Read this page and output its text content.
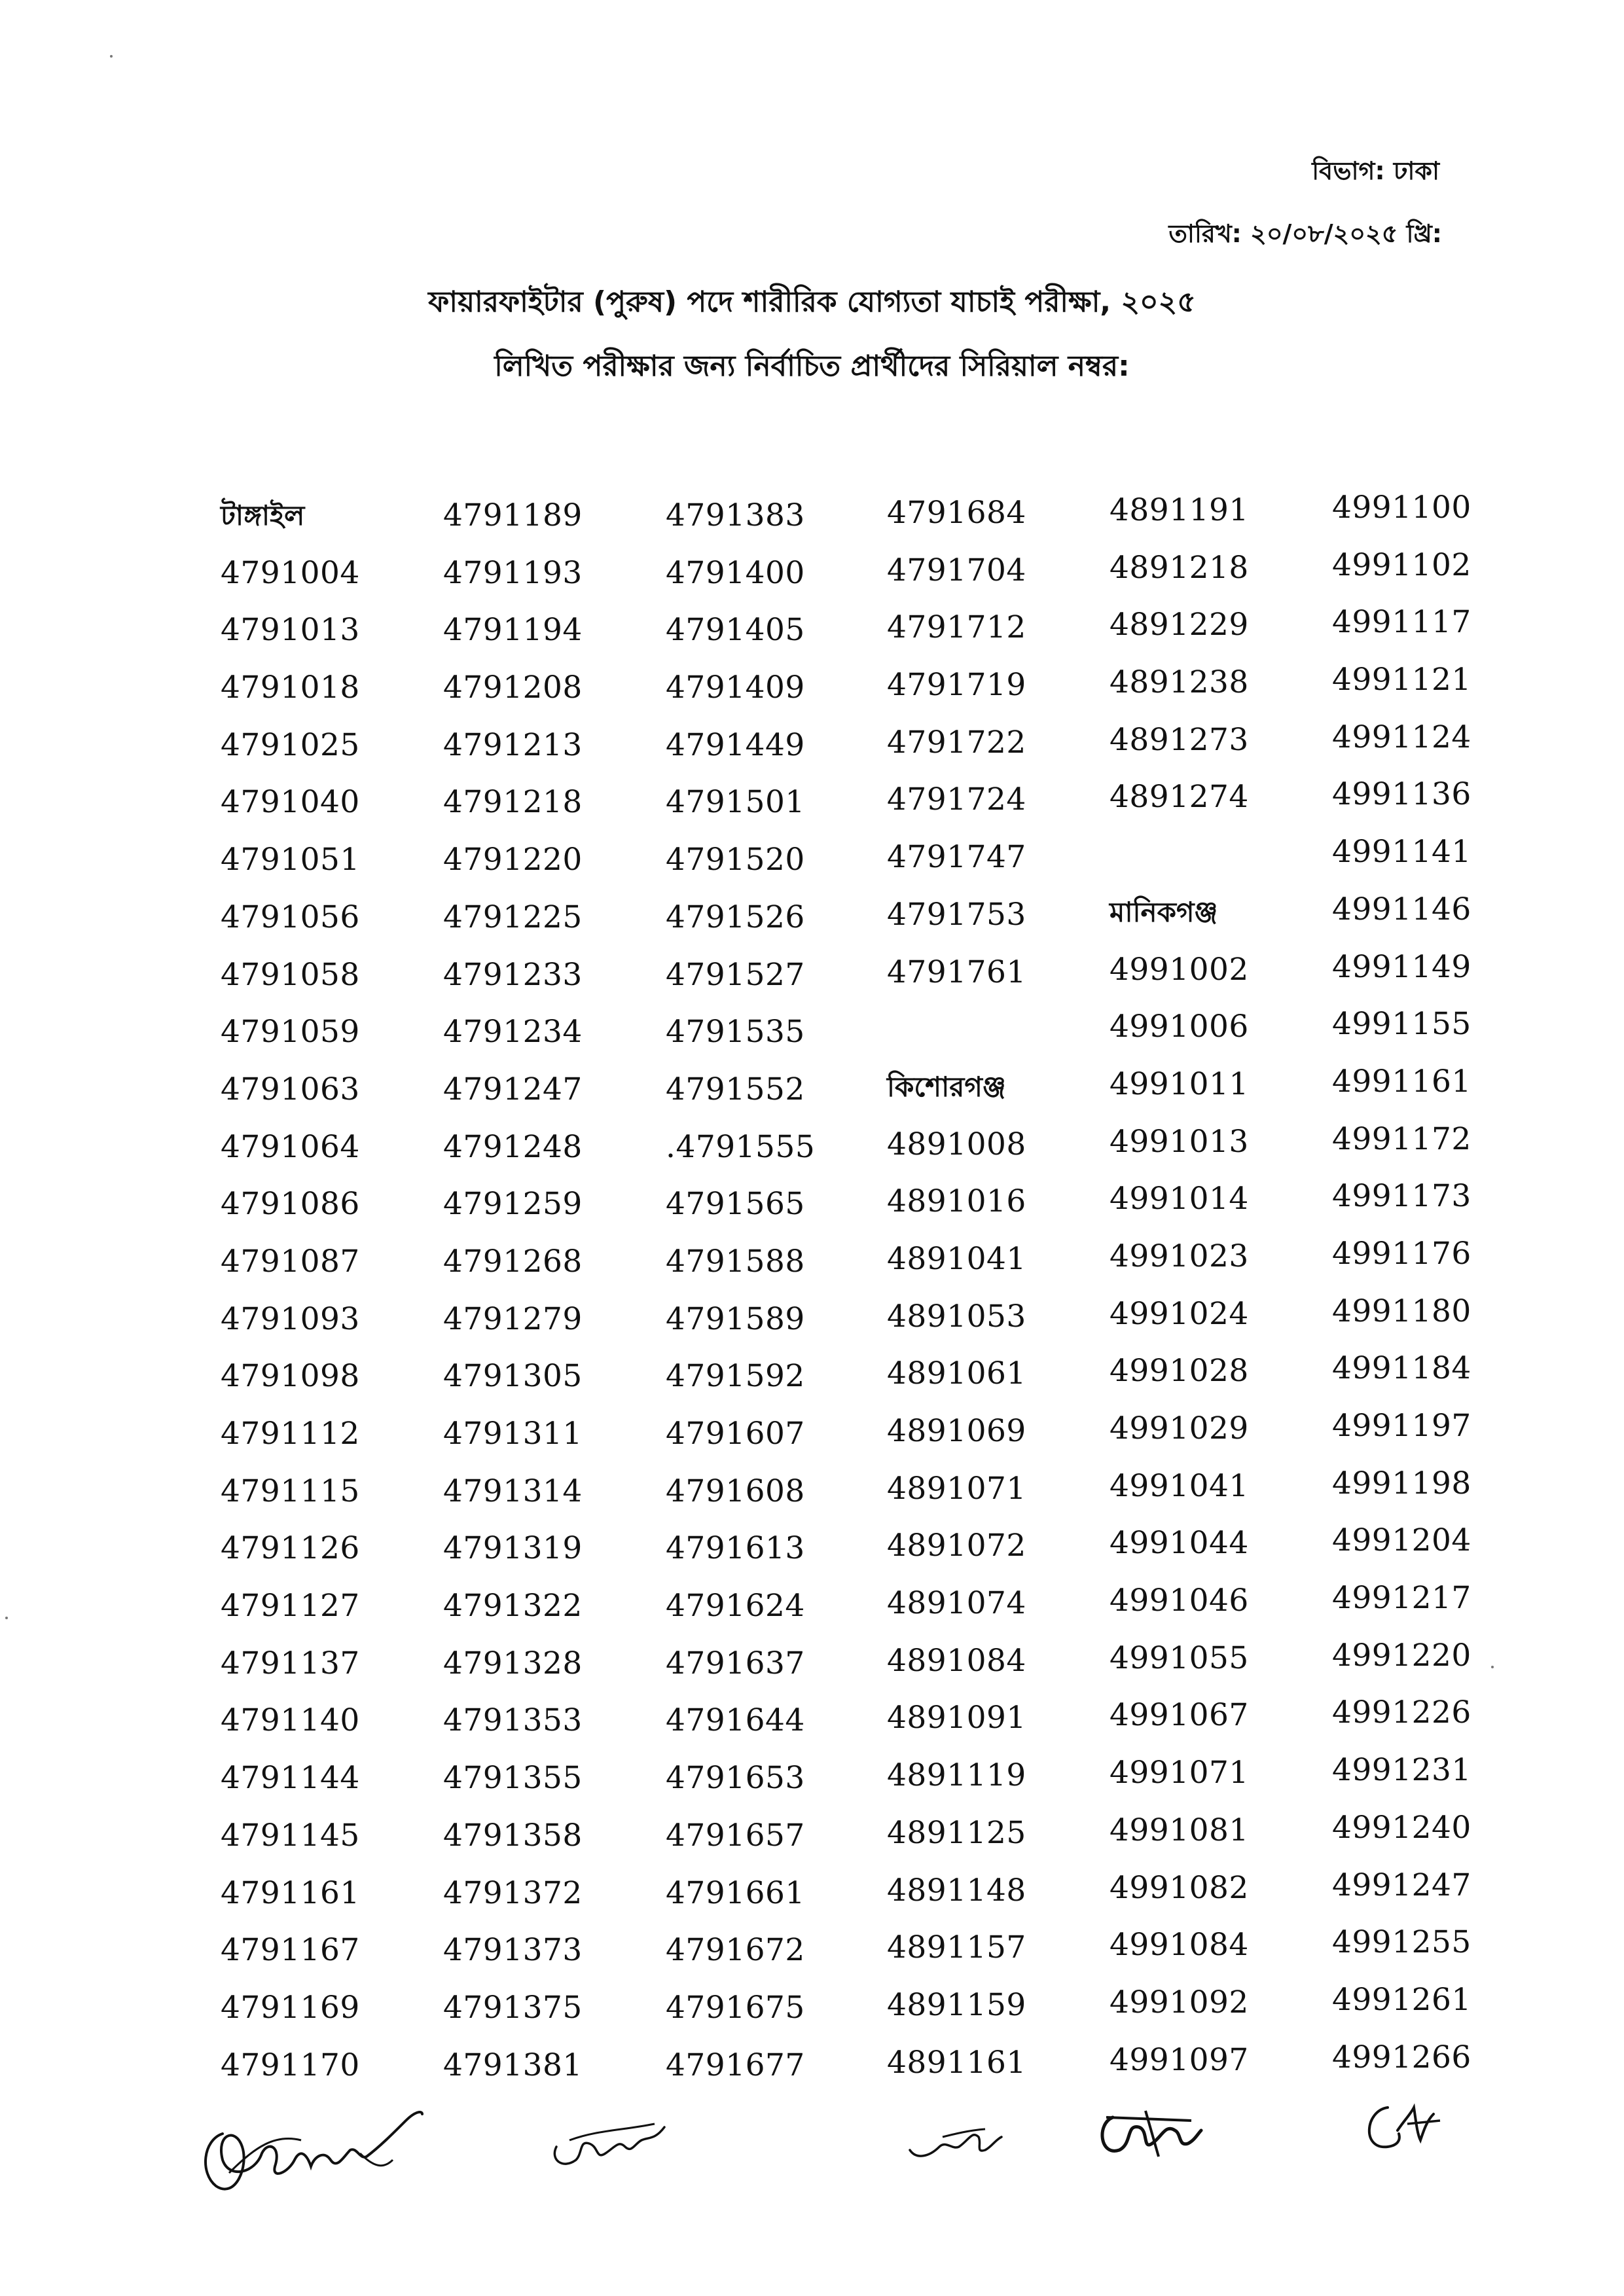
বিভাগ: ঢাকা
তারিখ: ২০/০৮/২০২৫ খ্রি:
ফায়ারফাইটার (পুরুষ) পদে শারীরিক যোগ্যতা যাচাই পরীক্ষা, ২০২৫
লিখিত পরীক্ষার জন্য নির্বাচিত প্রার্থীদের সিরিয়াল নম্বর:
টাঙ্গাইল
4791004
4791013
4791018
4791025
4791040
4791051
4791056
4791058
4791059
4791063
4791064
4791086
4791087
4791093
4791098
4791112
4791115
4791126
4791127
4791137
4791140
4791144
4791145
4791161
4791167
4791169
4791170
4791189
4791193
4791194
4791208
4791213
4791218
4791220
4791225
4791233
4791234
4791247
4791248
4791259
4791268
4791279
4791305
4791311
4791314
4791319
4791322
4791328
4791353
4791355
4791358
4791372
4791373
4791375
4791381
4791383
4791400
4791405
4791409
4791449
4791501
4791520
4791526
4791527
4791535
4791552
.4791555
4791565
4791588
4791589
4791592
4791607
4791608
4791613
4791624
4791637
4791644
4791653
4791657
4791661
4791672
4791675
4791677
4791684
4791704
4791712
4791719
4791722
4791724
4791747
4791753
4791761
কিশোরগঞ্জ
4891008
4891016
4891041
4891053
4891061
4891069
4891071
4891072
4891074
4891084
4891091
4891119
4891125
4891148
4891157
4891159
4891161
4891191
4891218
4891229
4891238
4891273
4891274
মানিকগঞ্জ
4991002
4991006
4991011
4991013
4991014
4991023
4991024
4991028
4991029
4991041
4991044
4991046
4991055
4991067
4991071
4991081
4991082
4991084
4991092
4991097
4991100
4991102
4991117
4991121
4991124
4991136
4991141
4991146
4991149
4991155
4991161
4991172
4991173
4991176
4991180
4991184
4991197
4991198
4991204
4991217
4991220
4991226
4991231
4991240
4991247
4991255
4991261
4991266
